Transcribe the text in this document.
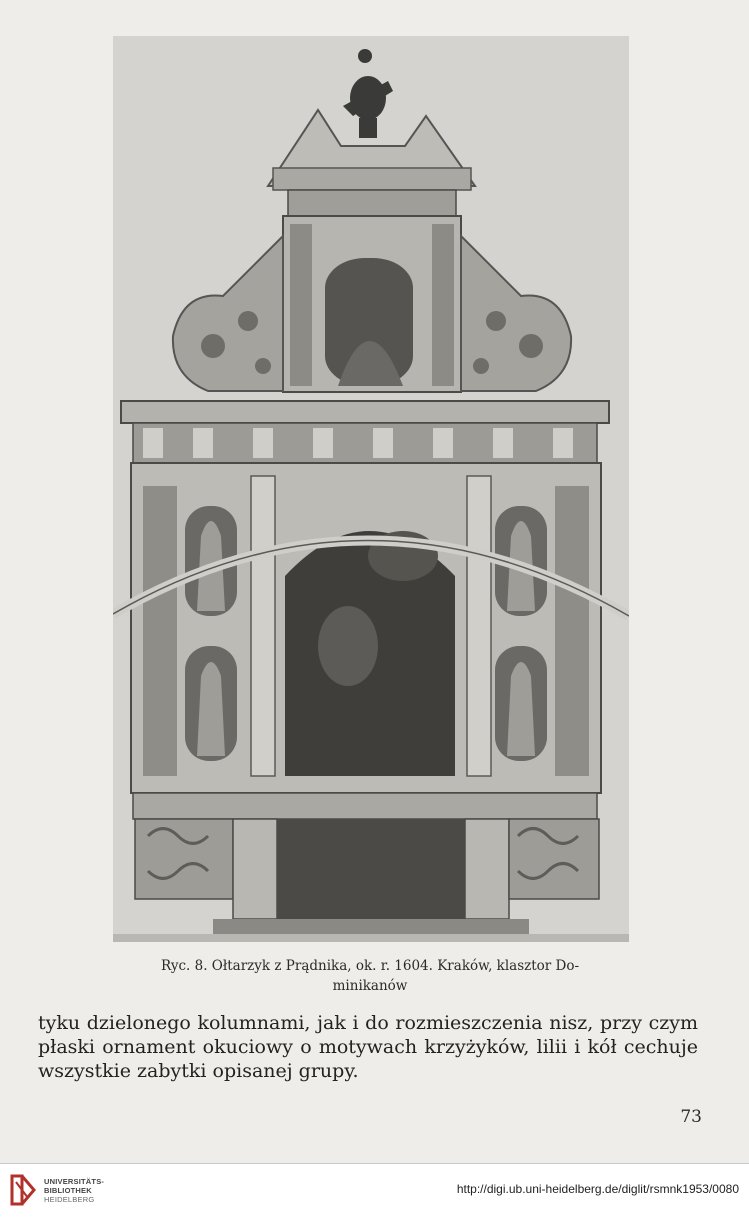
Ryc. 8. Ołtarzyk z Prądnika, ok. r. 1604. Kraków, klasztor Do-
minikanów
tyku dzielonego kolumnami, jak i do rozmieszczenia nisz, przy czym
płaski ornament okuciowy o motywach krzyżyków, lilii i kół cechuje
wszystkie zabytki opisanej grupy.
73
UNIVERSITÄTS-
BIBLIOTHEK
HEIDELBERG
http://digi.ub.uni-heidelberg.de/diglit/rsmnk1953/0080
